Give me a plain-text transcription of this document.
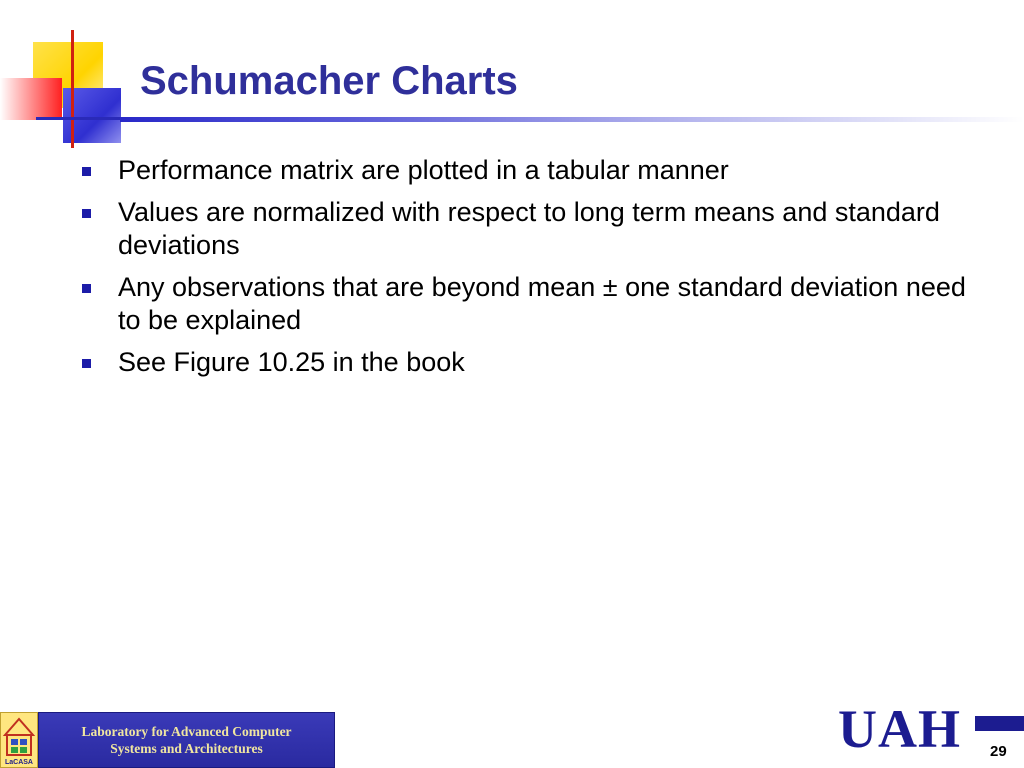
Schumacher Charts
Performance matrix are plotted in a tabular manner
Values are normalized with respect to long term means and standard deviations
Any observations that are beyond mean ± one standard deviation need to be explained
See Figure 10.25 in the book
LaCASA
Laboratory for Advanced Computer
Systems and Architectures	UAH 29
